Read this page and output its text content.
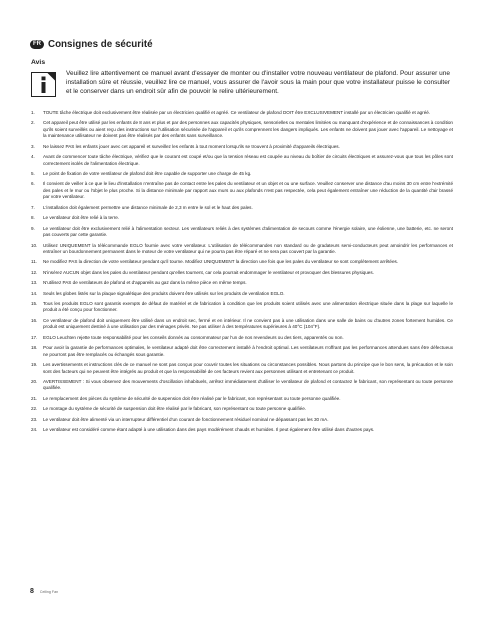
FR Consignes de sécurité
Avis
Veuillez lire attentivement ce manuel avant d'essayer de monter ou d'installer votre nouveau ventilateur de plafond. Pour assurer une installation sûre et réussie, veuillez lire ce manuel, vous assurer de l'avoir sous la main pour que votre installateur puisse le consulter et le conserver dans un endroit sûr afin de pouvoir le relire ultérieurement.
1.	TOUTE tâche électrique doit exclusivement être réalisée par un électricien qualifié et agréé. Ce ventilateur de plafond DOIT être EXCLUSIVEMENT installé par un électricien qualifié et agréé.
2.	Cet appareil peut être utilisé par les enfants de 8 ans et plus et par des personnes aux capacités physiques, sensorielles ou mentales limitées ou manquant d'expérience et de connaissances à condition qu'ils soient surveillés ou aient reçu des instructions sur l'utilisation sécurisée de l'appareil et qu'ils comprennent les dangers impliqués. Les enfants ne doivent pas jouer avec l'appareil. Le nettoyage et la maintenance utilisateur ne doivent pas être réalisés par des enfants sans surveillance.
3.	Ne laissez PAS les enfants jouer avec cet appareil et surveillez les enfants à tout moment lorsqu'ils se trouvent à proximité d'appareils électriques.
4.	Avant de commencer toute tâche électrique, vérifiez que le courant est coupé et/ou que la tension réseau est coupée au niveau du boîtier de circuits électriques et assurez-vous que tous les pôles sont correctement isolés de l'alimentation électrique.
5.	Le point de fixation de votre ventilateur de plafond doit être capable de supporter une charge de 45 kg.
6.	Il convient de veiller à ce que le lieu d'installation n'entraîne pas de contact entre les pales du ventilateur et un objet et ou une surface. Veuillez conserver une distance d'au moins 30 cm entre l'extrémité des pales et le mur ou l'objet le plus proche. Si la distance minimale par rapport aux murs ou aux plafonds n'est pas respectée, cela peut également entraîner une réduction de la quantité d'air brassé par votre ventilateur.
7.	L'installation doit également permettre une distance minimale de 2,3 m entre le sol et le haut des pales.
8.	Le ventilateur doit être relié à la terre.
9.	Le ventilateur doit être exclusivement relié à l'alimentation secteur. Les ventilateurs reliés à des systèmes d'alimentation de secours comme l'énergie solaire, une éolienne, une batterie, etc. ne seront pas couverts par cette garantie.
10.	Utilisez UNIQUEMENT la télécommande EGLO fournie avec votre ventilateur. L'utilisation de télécommandes non standard ou de gradateurs semi-conducteurs peut amoindrir les performances et entraîner un bourdonnement permanent dans le moteur de votre ventilateur qui ne pourra pas être réparé et ne sera pas couvert par la garantie.
11.	Ne modifiez PAS la direction de votre ventilateur pendant qu'il tourne. Modifiez UNIQUEMENT la direction une fois que les pales du ventilateur se sont complètement arrêtées.
12.	N'insérez AUCUN objet dans les pales du ventilateur pendant qu'elles tournent, car cela pourrait endommager le ventilateur et provoquer des blessures physiques.
13.	N'utilisez PAS de ventilateurs de plafond et d'appareils au gaz dans la même pièce en même temps.
14.	Seuls les globes listés sur la plaque signalétique des produits doivent être utilisés sur les produits de ventilation EGLO.
15.	Tous les produits EGLO sont garantis exempts de défaut de matériel et de fabrication à condition que les produits soient utilisés avec une alimentation électrique située dans la plage sur laquelle le produit a été conçu pour fonctionner.
16.	Ce ventilateur de plafond doit uniquement être utilisé dans un endroit sec, fermé et en intérieur. Il ne convient pas à une utilisation dans une salle de bains ou d'autres zones fortement humides. Ce produit est uniquement destiné à une utilisation par des ménages privés. Ne pas utiliser à des températures supérieures à 40°C (104°F).
17.	EGLO Leuchten rejette toute responsabilité pour les conseils donnés au consommateur par l'un de nos revendeurs ou des tiers, apparentés ou non.
18.	Pour avoir la garantie de performances optimales, le ventilateur adapté doit être correctement installé à l'endroit optimal. Les ventilateurs n'offrant pas les performances attendues sans être défectueux ne pourront pas être remplacés ou échangés sous garantie.
19.	Les avertissements et instructions clés de ce manuel ne sont pas conçus pour couvrir toutes les situations ou circonstances possibles. Nous partons du principe que le bon sens, la précaution et le soin sont des facteurs qui ne peuvent être intégrés au produit et que la responsabilité de ces facteurs revient aux personnes utilisant et entretenant ce produit.
20.	AVERTISSEMENT : Si vous observez des mouvements d'oscillation inhabituels, arrêtez immédiatement d'utiliser le ventilateur de plafond et contactez le fabricant, son représentant ou toute personne qualifiée.
21.	Le remplacement des pièces du système de sécurité de suspension doit être réalisé par le fabricant, son représentant ou toute personne qualifiée.
22.	Le montage du système de sécurité de suspension doit être réalisé par le fabricant, son représentant ou toute personne qualifiée.
23.	Le ventilateur doit être alimenté via un interrupteur différentiel d'un courant de fonctionnement résiduel nominal ne dépassant pas les 30 mA.
24.	Le ventilateur est considéré comme étant adapté à une utilisation dans des pays modérément chauds et humides. Il peut également être utilisé dans d'autres pays.
8 Ceiling Fan
